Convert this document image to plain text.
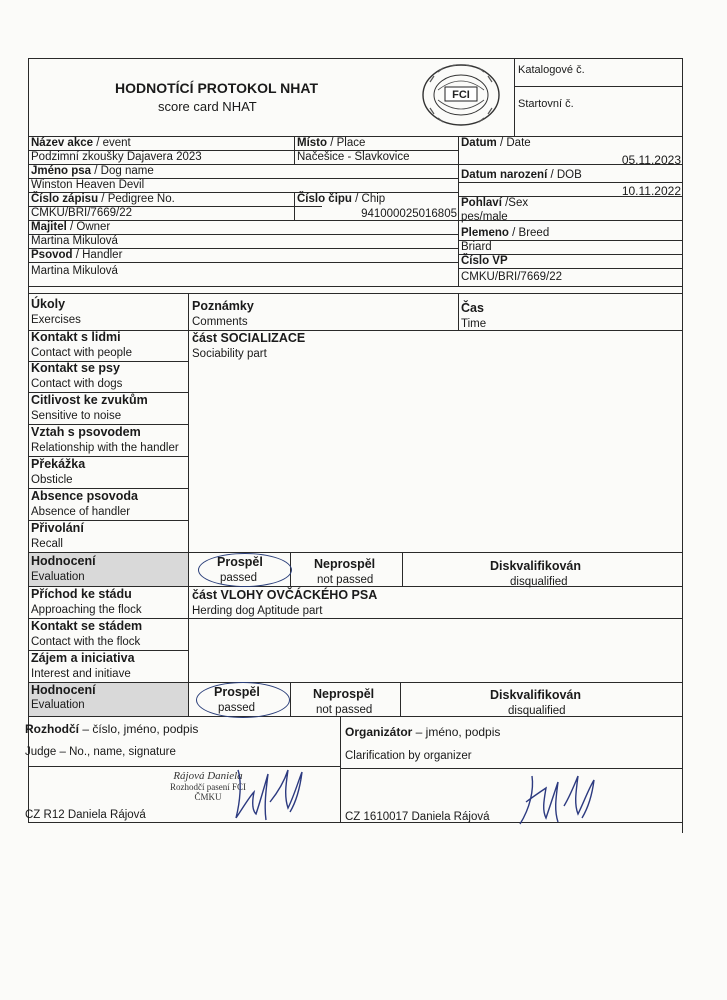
HODNOTÍCÍ PROTOKOL NHAT
score card NHAT
FCI
Katalogové č.
Startovní č.
Název akce / event
Podzimní zkoušky Dajavera 2023
Místo / Place
Načešice - Slavkovice
Datum / Date
05.11.2023
Jméno psa / Dog name
Winston Heaven Devil
Datum narození / DOB
10.11.2022
Číslo zápisu / Pedigree No.
CMKU/BRI/7669/22
Číslo čipu / Chip
941000025016805
Pohlaví /Sex
pes/male
Majitel / Owner
Martina Mikulová
Plemeno / Breed
Briard
Psovod / Handler
Martina Mikulová
Číslo VP
CMKU/BRI/7669/22
Úkoly
Exercises
Poznámky
Comments
Čas
Time
část SOCIALIZACE
Sociability part
Kontakt s lidmi
Contact with people
Kontakt se psy
Contact with dogs
Citlivost ke zvukům
Sensitive to noise
Vztah s psovodem
Relationship with the handler
Překážka
Obsticle
Absence psovoda
Absence of handler
Přivolání
Recall
Hodnocení
Evaluation
Prospěl
passed
Neprospěl
not passed
Diskvalifikován
disqualified
Příchod ke stádu
Approaching the flock
část VLOHY OVČÁCKÉHO PSA
Herding dog Aptitude part
Kontakt se stádem
Contact with the flock
Zájem a iniciativa
Interest and initiave
Hodnocení
Evaluation
Prospěl
passed
Neprospěl
not passed
Diskvalifikován
disqualified
Rozhodčí – číslo, jméno, podpis
Judge – No., name, signature
Organizátor – jméno, podpis
Clarification by organizer
Rájová Daniela
Rozhodčí pasení FCI
ČMKU
CZ R12 Daniela Rájová	CZ 1610017 Daniela Rájová
